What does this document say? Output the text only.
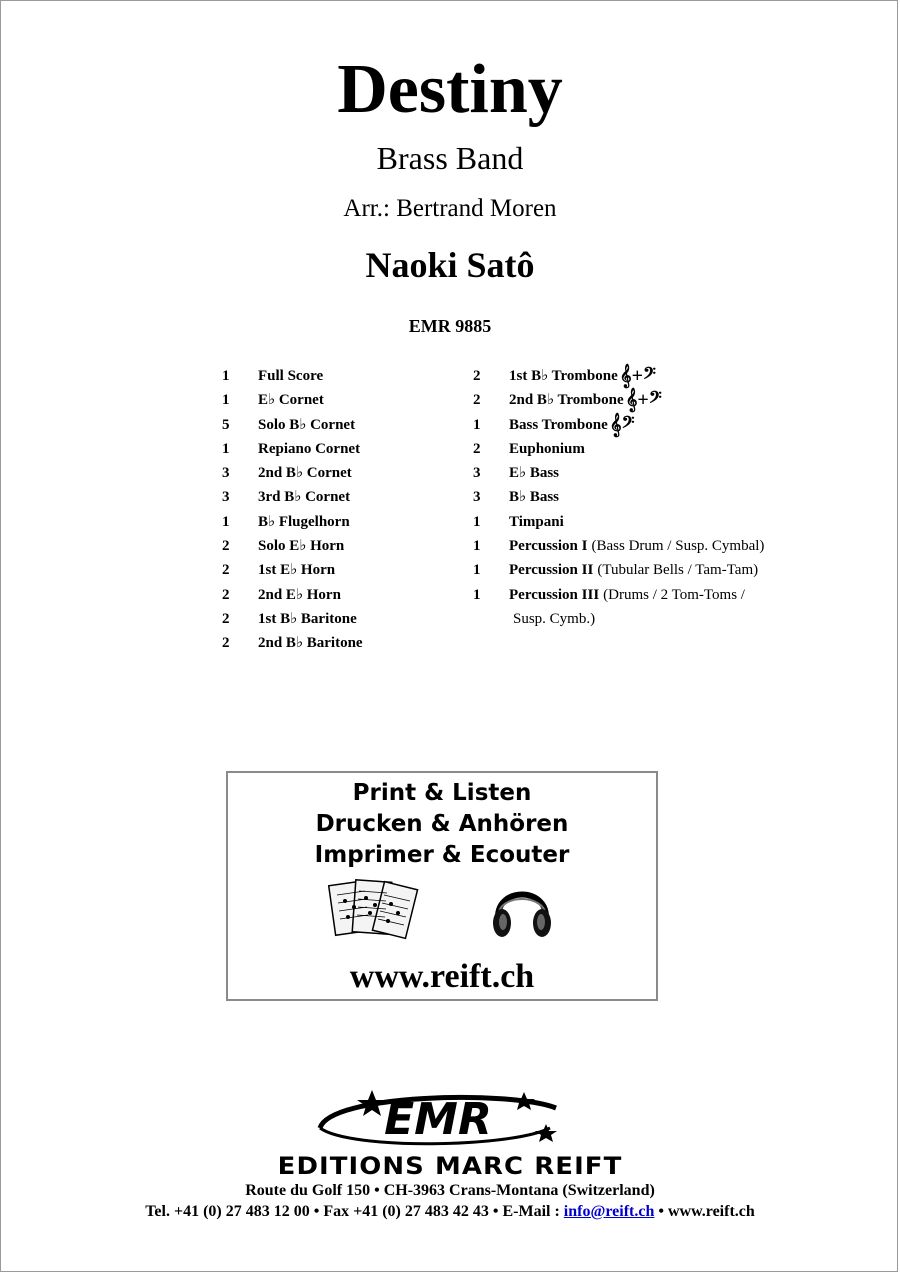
Destiny
Brass Band
Arr.: Bertrand Moren
Naoki Satô
EMR 9885
1	Full Score
1	E♭ Cornet
5	Solo B♭ Cornet
1	Repiano Cornet
3	2nd B♭ Cornet
3	3rd B♭ Cornet
1	B♭ Flugelhorn
2	Solo E♭ Horn
2	1st E♭ Horn
2	2nd E♭ Horn
2	1st B♭ Baritone
2	2nd B♭ Baritone
2	1st B♭ Trombone 𝄞+𝄢
2	2nd B♭ Trombone 𝄞+𝄢
1	Bass Trombone 𝄞𝄢
2	Euphonium
3	E♭ Bass
3	B♭ Bass
1	Timpani
1	Percussion I (Bass Drum / Susp. Cymbal)
1	Percussion II (Tubular Bells / Tam-Tam)
1	Percussion III (Drums / 2 Tom-Toms /
Susp. Cymb.)
Print & Listen
Drucken & Anhören
Imprimer & Ecouter
www.reift.ch
EMR
EDITIONS MARC REIFT
Route du Golf 150 • CH-3963 Crans-Montana (Switzerland)
Tel. +41 (0) 27 483 12 00 • Fax +41 (0) 27 483 42 43 • E-Mail : info@reift.ch • www.reift.ch
